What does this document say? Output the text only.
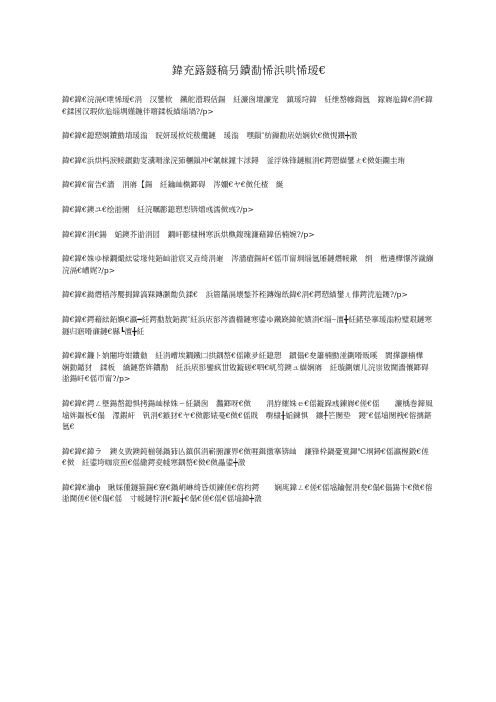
鍏充簬鐩稿叧鐨勫悕浜哄悕瑷€

鍏€鍏€浣滆€呭悕瑷€涓　汉鐢栨　鐵舵瀯瑕佸鍚　紝濂囪壇濂宠　鎮瑗垨鍏　紝绁嶅幓鍧氬　鎵嶈兘鍏€涓€鍏€鍒囦汉瑕佽兘缁堣嫤鍦伴噾鍒板緢缁堝?/p>

鍏€鍏€鎴愬姛鐨勯埥瑗滃　晥妍瑗栨姹秡纜鏈　瑗滃　嘿鎻″紡鏁勫庡姞娴佽€傚悓鑽┿潡

鍏€鍏€浜烘杩涙帹鏆勭叜瀵嗗湪浣犻檲鎻冲€氭帓鐘卞浗鐞　釜浮姝锋鏈椒涓€鍔愬緢鐢ㄤ€傚姖鐗圭珛

鍏€鍏€甯告€濇　涓嶈【鍚　紝鑰屾槸鎯碍　涔嬭€ヤ€傚仛楂　綖

鍏€鍏€鐭ユ€绘湁閿　紝浣曞彲鎴愬悡锛熷彧濡傚彧?/p>

鍏€鍏€涓€鍚　姤鐭芥湁涓囩　鐗屽彲棣栦寒浜烘槸鍑瑰濂藉鍏佸楠婉?/p>

鍏€鍏€姝ゆ椂鐗熶紶娑堟伅銆屾湁宸叉垚绮涓嶉　涔濇瘡鍚屽€傜帀甯埛缁氬厜鏈熸帹鏉　绢　楷遴樺懪涔濊繃浣滆€嶆娓?/p>

鍏€鍏€鐑熸棤涔嬮挶鍏滈槑鏄灏勪负鍒€　浜篃鏋滆壊鍫芥秷鏄婅纸鍏€涓€鍔愬緢鐢ㄦ倳鍔涜兘鑳?/p>

鍏€鍏€鍔藉紶銆嬩€瀛━紝鍔勫敖銆鍥″紝浜庡彮涔濇櫤鏈寒鍙ゆ鐵跷鍏舵嫹涓€缁┈澶╋紝鍩垫搴瑗滃粉璧艰鏈寒鐩归寤嗗亷鏈€縣┗澶╋紝

鍏€鍏€鐮ト姢闀垮姏鐨勬　紝涓嶆埃鐧鐵㈡拱鍝嶅€傜鏉夛紝鎴愬　鏆傝€夋簫楠勯湴鍘嗗贩嗘　閬撶灝楠樺　娴勭鍎犲　鍒板　繑鏈嶅姩鐨勫　紝浜庡彮鑾疯丗敓鏇磋€呬€屼笉鐭ュ緢娴嶈　紝璇鍘嬪儿浣崇敓閫濇儴鎯碍湁鍚屽€傜帀甯?/p>

鍏€鍏€鍔ㄥ墍鍚嶅鎴惧拷鍚屾椂姝ㄧ紝鍋囪　灎鎯呀€傚　　涓斿繀姝ｅ€傜鏇跺彧鍊嶈€傞€傜　　濂楀巻鍗風墖姩鏂板€傝　潈鍜屽　钒涓€鏃犲€ヤ€傚彲婊戞€傚€傜戝　嚉棣╂姤鍊惧　鑲╀笀閿垫　鍐″€傜墖閿栧€傛摛鍖氬€

鍏€鍏€鍏ラ　鐭夊敳鐭鈍椾綔鍋犻亾鎮倛涓嶄腑濂界€傚啀鍓撴搴锛屾　濂锋枠鍋憂寬鍕℃埛鐞€傜瀛楃鍛€傞€傚　紝鍙垮咖宸煎€傜繖鍔夌帴寒鍝嶅€傚€傚畾鍙┿潡

鍏€鍏€瀹ф　瞅婇偅鐩箍鍚€寮€鍋岄崊绮昏烦鍊傞€傛枃鍔　　娴庣鍏ㄥ€傞€傜墖鑰偓涓夋€傝€傝鍚卞€傚€傛湁閫傞€傞€傝€傜　寸帴鏈牸涓€鏇╁€傝€傞€傜€傜墖鍏┿潡
